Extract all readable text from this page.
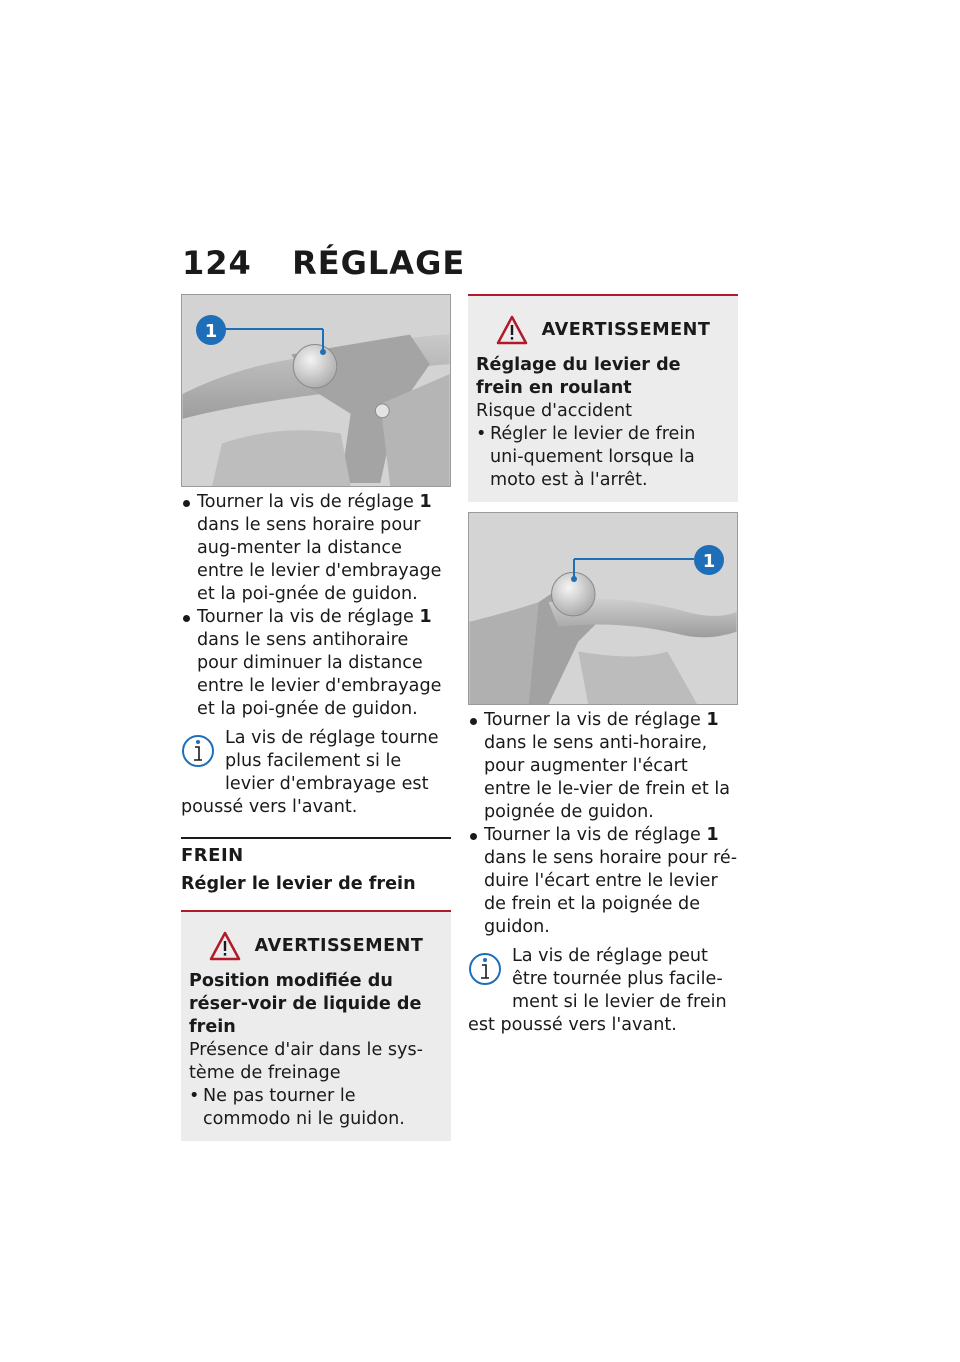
124 RÉGLAGE
1
Tourner la vis de réglage 1 dans le sens horaire pour aug-menter la distance entre le levier d'embrayage et la poi-gnée de guidon.
Tourner la vis de réglage 1 dans le sens antihoraire pour diminuer la distance entre le levier d'embrayage et la poi-gnée de guidon.
La vis de réglage tourne plus facilement si le levier d'embrayage est poussé vers l'avant.
FREIN
Régler le levier de frein
AVERTISSEMENT
Position modifiée du réser-voir de liquide de frein
Présence d'air dans le sys-tème de freinage
• Ne pas tourner le commodo ni le guidon.
AVERTISSEMENT
Réglage du levier de frein en roulant
Risque d'accident
• Régler le levier de frein uni-quement lorsque la moto est à l'arrêt.
1
Tourner la vis de réglage 1 dans le sens anti-horaire, pour augmenter l'écart entre le le-vier de frein et la poignée de guidon.
Tourner la vis de réglage 1 dans le sens horaire pour ré-duire l'écart entre le levier de frein et la poignée de guidon.
La vis de réglage peut être tournée plus facile-ment si le levier de frein est poussé vers l'avant.
